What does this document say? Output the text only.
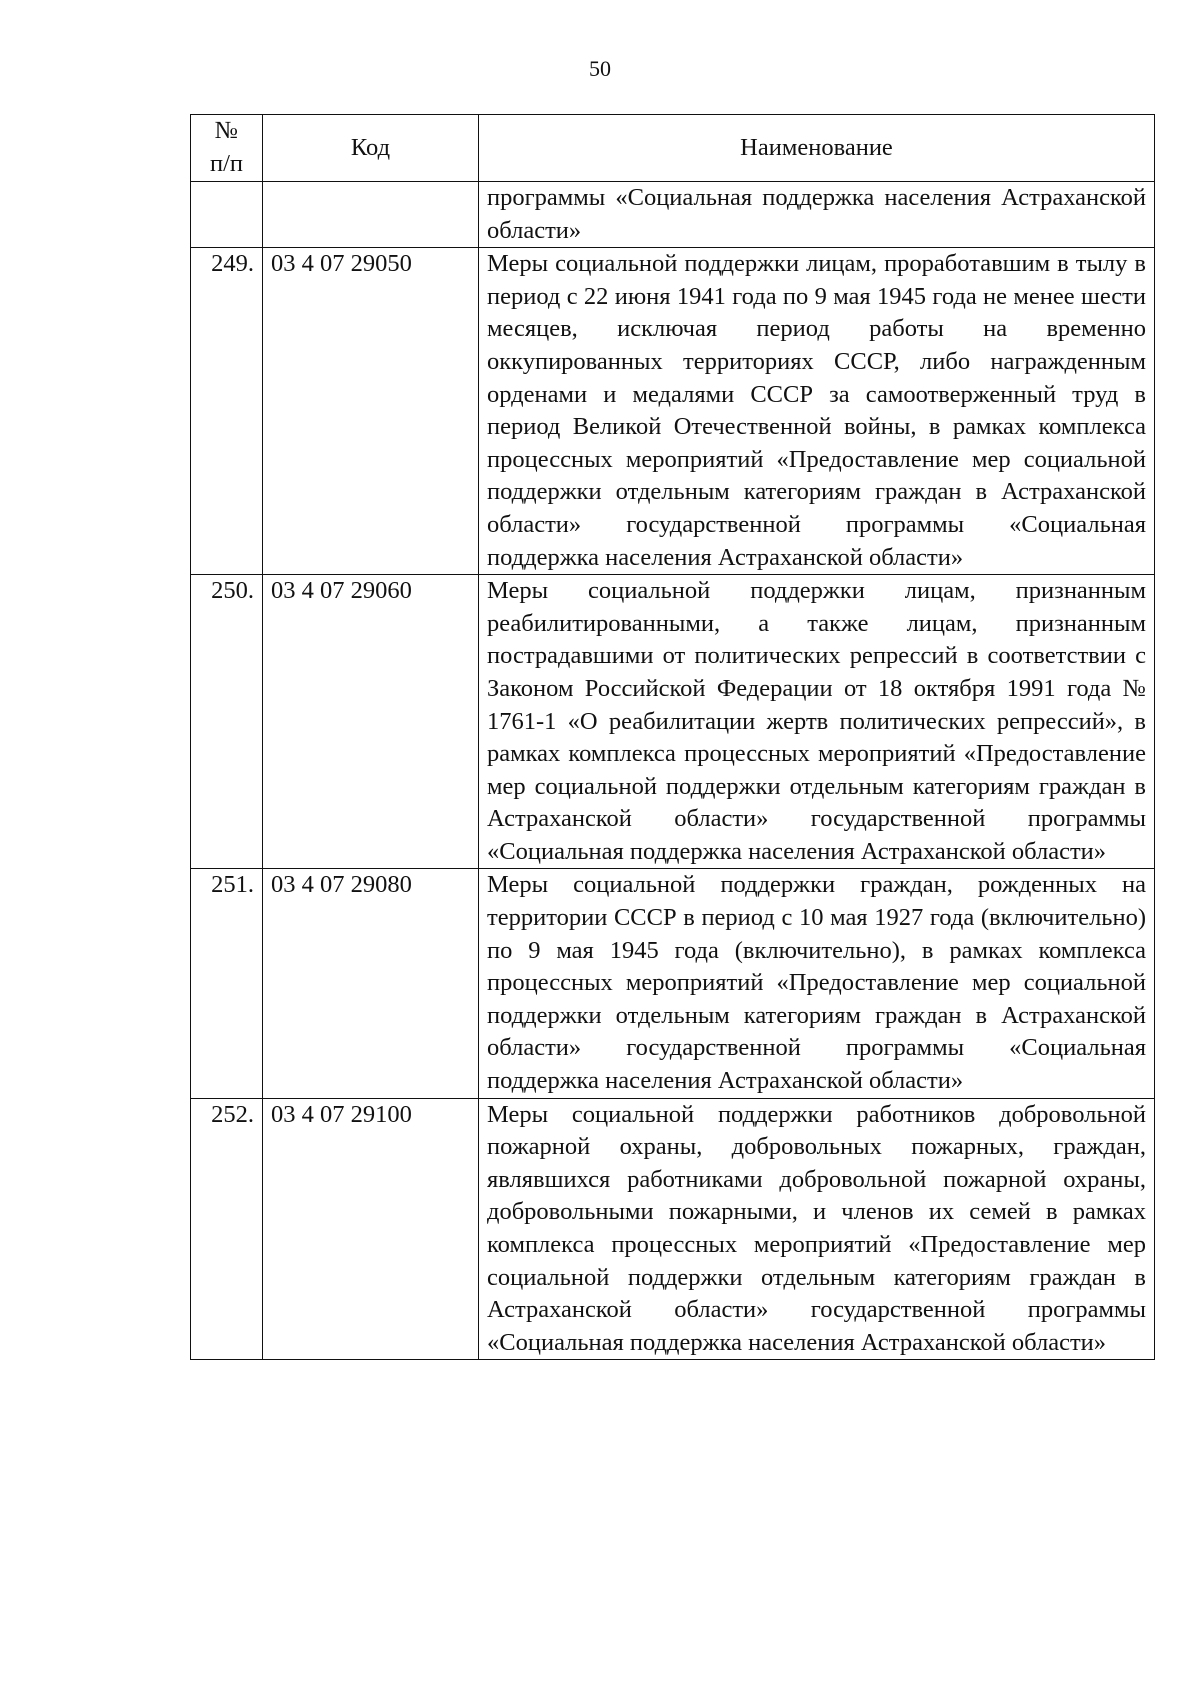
50
№
п/п	Код	Наименование
		программы «Социальная поддержка населения Астраханской области»
249.	03 4 07 29050	Меры социальной поддержки лицам, проработавшим в тылу в период с 22 июня 1941 года по 9 мая 1945 года не менее шести месяцев, исключая период работы на временно оккупированных территориях СССР, либо награжденным орденами и медалями СССР за самоотверженный труд в период Великой Отечественной войны, в рамках комплекса процессных мероприятий «Предоставление мер социальной поддержки отдельным категориям граждан в Астраханской области» государственной программы «Социальная поддержка населения Астраханской области»
250.	03 4 07 29060	Меры социальной поддержки лицам, признанным реабилитированными, а также лицам, признанным пострадавшими от политических репрессий в соответствии с Законом Российской Федерации от 18 октября 1991 года № 1761-1 «О реабилитации жертв политических репрессий», в рамках комплекса процессных мероприятий «Предоставление мер социальной поддержки отдельным категориям граждан в Астраханской области» государственной программы «Социальная поддержка населения Астраханской области»
251.	03 4 07 29080	Меры социальной поддержки граждан, рожденных на территории СССР в период с 10 мая 1927 года (включительно) по 9 мая 1945 года (включительно), в рамках комплекса процессных мероприятий «Предоставление мер социальной поддержки отдельным категориям граждан в Астраханской области» государственной программы «Социальная поддержка населения Астраханской области»
252.	03 4 07 29100	Меры социальной поддержки работников добровольной пожарной охраны, добровольных пожарных, граждан, являвшихся работниками добровольной пожарной охраны, добровольными пожарными, и членов их семей в рамках комплекса процессных мероприятий «Предоставление мер социальной поддержки отдельным категориям граждан в Астраханской области» государственной программы «Социальная поддержка населения Астраханской области»
